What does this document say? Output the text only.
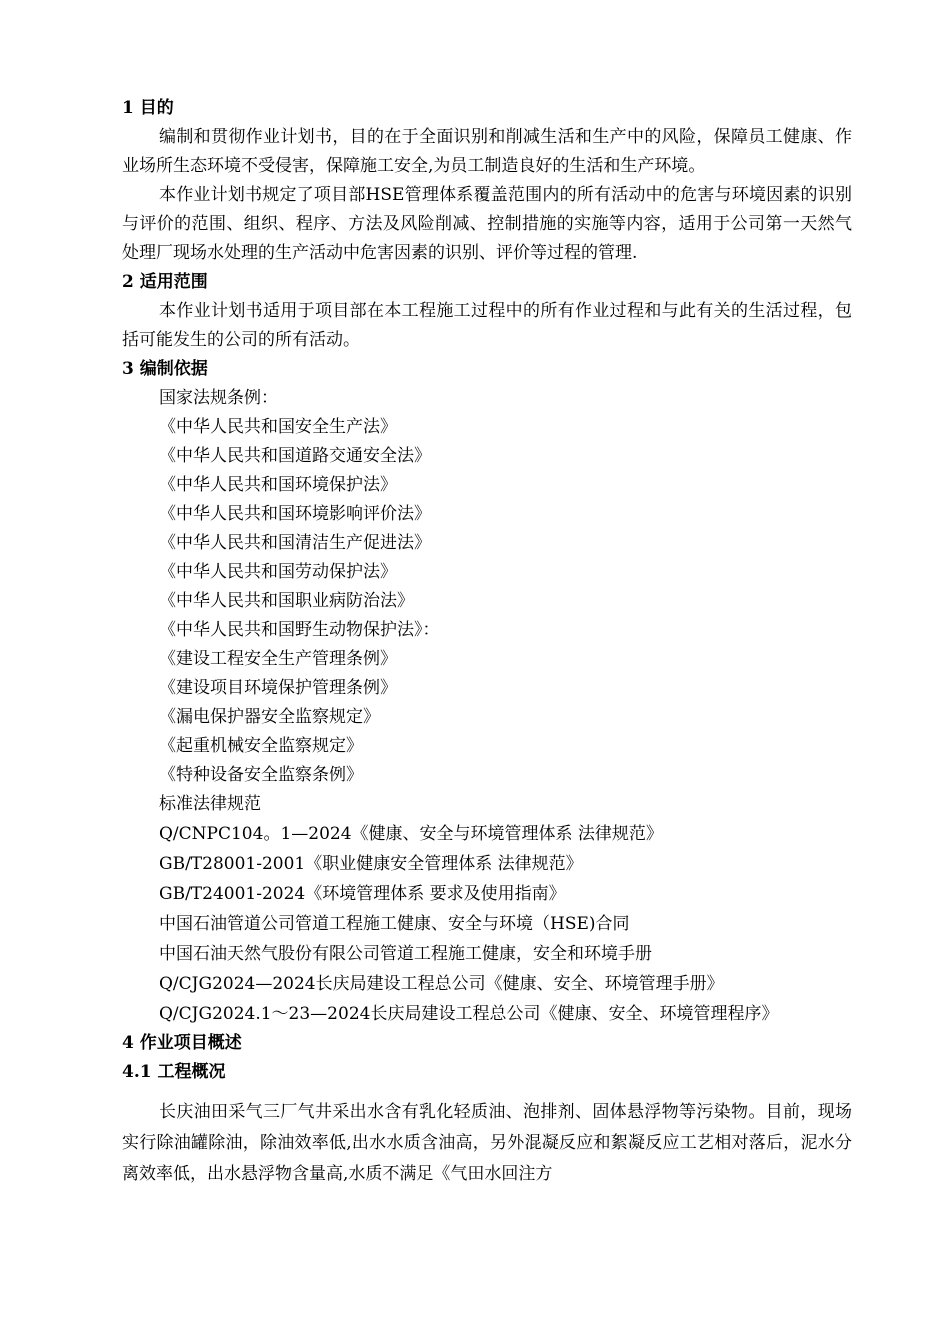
1 目的
编制和贯彻作业计划书，目的在于全面识别和削减生活和生产中的风险，保障员工健康、作业场所生态环境不受侵害，保障施工安全,为员工制造良好的生活和生产环境。
本作业计划书规定了项目部HSE管理体系覆盖范围内的所有活动中的危害与环境因素的识别与评价的范围、组织、程序、方法及风险削减、控制措施的实施等内容，适用于公司第一天然气处理厂现场水处理的生产活动中危害因素的识别、评价等过程的管理.
2 适用范围
本作业计划书适用于项目部在本工程施工过程中的所有作业过程和与此有关的生活过程，包括可能发生的公司的所有活动。
3 编制依据
国家法规条例：
《中华人民共和国安全生产法》
《中华人民共和国道路交通安全法》
《中华人民共和国环境保护法》
《中华人民共和国环境影响评价法》
《中华人民共和国清洁生产促进法》
《中华人民共和国劳动保护法》
《中华人民共和国职业病防治法》
《中华人民共和国野生动物保护法》：
《建设工程安全生产管理条例》
《建设项目环境保护管理条例》
《漏电保护器安全监察规定》
《起重机械安全监察规定》
《特种设备安全监察条例》
标准法律规范
Q/CNPC104。1—2024《健康、安全与环境管理体系 法律规范》
GB/T28001-2001《职业健康安全管理体系 法律规范》
GB/T24001-2024《环境管理体系 要求及使用指南》
中国石油管道公司管道工程施工健康、安全与环境（HSE)合同
中国石油天然气股份有限公司管道工程施工健康，安全和环境手册
Q/CJG2024—2024长庆局建设工程总公司《健康、安全、环境管理手册》
Q/CJG2024.1～23—2024长庆局建设工程总公司《健康、安全、环境管理程序》
4 作业项目概述
4.1 工程概况
长庆油田采气三厂气井采出水含有乳化轻质油、泡排剂、固体悬浮物等污染物。目前，现场实行除油罐除油，除油效率低,出水水质含油高，另外混凝反应和絮凝反应工艺相对落后，泥水分离效率低，出水悬浮物含量高,水质不满足《气田水回注方
